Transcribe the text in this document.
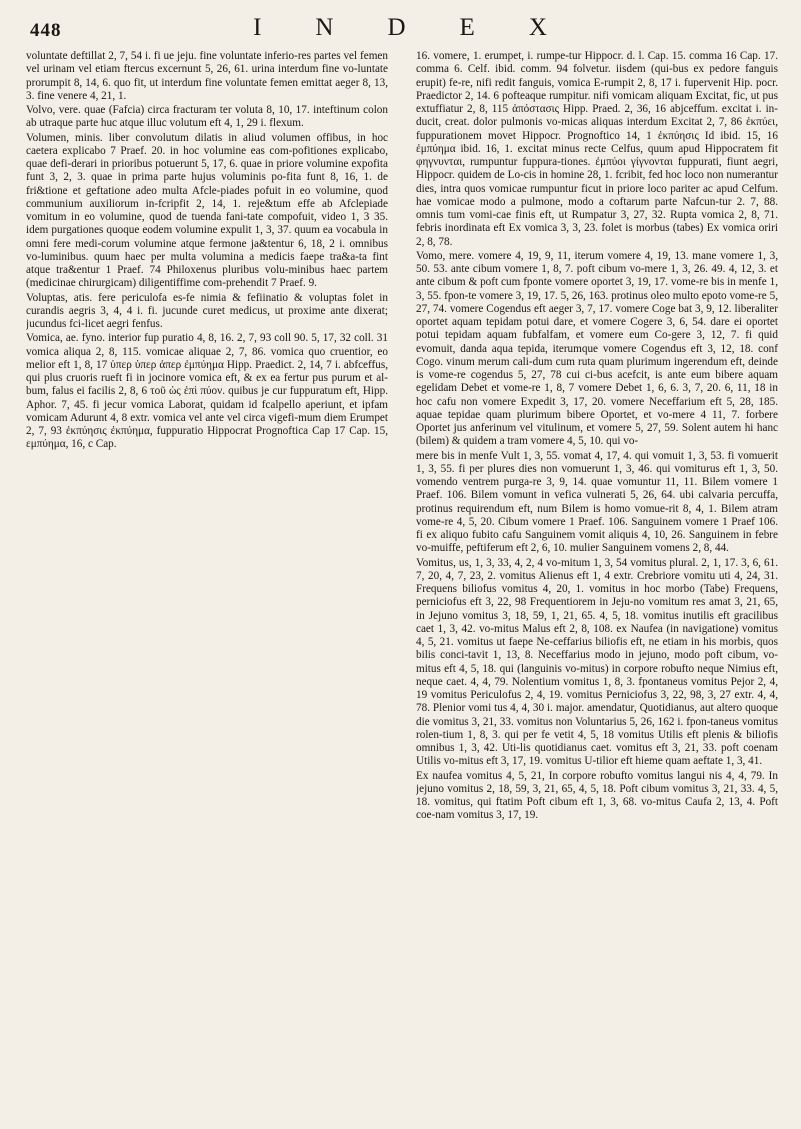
448	INDEX

voluntate deftillat 2, 7, 54 i. fi ue jeju. fine voluntate inferio-res partes vel femen vel urinam vel etiam ftercus excernunt 5, 26, 61. urina interdum fine vo-luntate prorumpit 8, 14, 6. quo fit, ut interdum fine voluntate femen emittat aeger 8, 13, 3. fine venere 4, 21, 1.

Volvo, vere. quae (Fafcia) circa fracturam ter voluta 8, 10, 17. inteftinum colon ab utraque parte huc atque illuc volutum eft 4, 1, 29 i. flexum.

Volumen, minis. liber convolutum dilatis in aliud volumen offibus, in hoc caetera explicabo 7 Praef. 20. in hoc volumine eas com-pofitiones explicabo, quae defi-derari in prioribus potuerunt 5, 17, 6. quae in priore volumine expofita funt 3, 2, 3. quae in prima parte hujus voluminis po-fita funt 8, 16, 1. de fri&tione et geftatione adeo multa Afcle-piades pofuit in eo volumine, quod communium auxiliorum in-fcripfit 2, 14, 1. reje&tum effe ab Afclepiade vomitum in eo volumine, quod de tuenda fani-tate compofuit, video 1, 3 35. idem purgationes quoque eodem volumine expulit 1, 3, 37. quum ea vocabula in omni fere medi-corum volumine atque fermone ja&tentur 6, 18, 2 i. omnibus vo-luminibus. quum haec per multa volumina a medicis faepe tra&a-ta fint atque tra&entur 1 Praef. 74 Philoxenus pluribus volu-minibus haec partem (medicinae chirurgicam) diligentiffime com-prehendit 7 Praef. 9.

Voluptas, atis. fere periculofa es-fe nimia & fefiinatio & voluptas folet in curandis aegris 3, 4, 4 i. fi. jucunde curet medicus, ut proxime ante dixerat; jucundus fci-licet aegri fenfus.

Vomica, ae. fyno. interior fup puratio 4, 8, 16. 2, 7, 93 coll 90. 5, 17, 32 coll. 31 vomica aliqua 2, 8, 115. vomicae aliquae 2, 7, 86. vomica quo cruentior, eo melior eft 1, 8, 17 ὑπερ ὑπερ ἀπερ ἐμπύημα Hipp. Praedict. 2, 14, 7 i. abfceffus, qui plus cruoris rueft fi in jocinore vomica eft, & ex ea fertur pus purum et al-bum, falus ei facilis 2, 8, 6 τοῦ ὡς ἐπὶ πύον. quibus je cur fuppuratum eft, Hipp. Aphor. 7, 45. fi jecur vomica Laborat, quidam id fcalpello aperiunt, et ipfam vomicam Adurunt 4, 8 extr. vomica vel ante vel circa vigefi-mum diem Erumpet 2, 7, 93 ἐκπύησις ἐκπύημα, fuppuratio Hippocrat Prognoftica Cap 17 Cap. 15, εμπύημα, 16, c Cap.

16. vomere, 1. erumpet, i. rumpe-tur Hippocr. d. l. Cap. 15. comma 16 Cap. 17. comma 6. Celf. ibid. comm. 94 folvetur. iisdem (qui-bus ex pedore fanguis erupit) fe-re, nifi redit fanguis, vomica E-rumpit 2, 8, 17 i. fupervenit Hip. pocr. Praedictor 2, 14. 6 pofteaque rumpitur. nifi vomicam aliquam Excitat, fic, ut pus extuffiatur 2, 8, 115 ἀπόστασις Hipp. Praed. 2, 36, 16 abjceffum. excitat i. in-ducit, creat. dolor pulmonis vo-micas aliquas interdum Excitat 2, 7, 86 ἐκπύει, fuppurationem movet Hippocr. Prognoftico 14, 1 ἐκπύησις Id ibid. 15, 16 ἐμπύημα ibid. 16, 1. excitat minus recte Celfus, quum apud Hippocratem fit φηγνυνται, rumpuntur fuppura-tiones. ἐμπύοι γίγνονται fuppurati, fiunt aegri, Hippocr. quidem de Lo-cis in homine 28, 1. fcribit, fed hoc loco non numerantur dies, intra quos vomicae rumpuntur ficut in priore loco pariter ac apud Celfum. hae vomicae modo a pulmone, modo a coftarum parte Nafcun-tur 2. 7, 88. omnis tum vomi-cae finis eft, ut Rumpatur 3, 27, 32. Rupta vomica 2, 8, 71. febris inordinata eft Ex vomica 3, 3, 23. folet is morbus (tabes) Ex vomica oriri 2, 8, 78.

Vomo, mere. vomere 4, 19, 9, 11, iterum vomere 4, 19, 13. mane vomere 1, 3, 50. 53. ante cibum vomere 1, 8, 7. poft cibum vo-mere 1, 3, 26. 49. 4, 12, 3. et ante cibum & poft cum fponte vomere oportet 3, 19, 17. vome-re bis in menfe 1, 3, 55. fpon-te vomere 3, 19, 17. 5, 26, 163. protinus oleo multo epoto vome-re 5, 27, 74. vomere Cogendus eft aeger 3, 7, 17. vomere Coge bat 3, 9, 12. liberaliter oportet aquam tepidam potui dare, et vomere Cogere 3, 6, 54. dare ei oportet potui tepidam aquam fubfalfam, et vomere eum Co-gere 3, 12, 7. fi quid evomuit, danda aqua tepida, iterumque vomere Cogendus eft 3, 12, 18. conf Cogo. vinum merum cali-dum cum ruta quam plurimum ingerendum eft, deinde is vome-re cogendus 5, 27, 78 cui ci-bus acefcit, is ante eum bibere aquam egelidam Debet et vome-re 1, 8, 7 vomere Debet 1, 6, 6. 3, 7, 20. 6, 11, 18 in hoc cafu non vomere Expedit 3, 17, 20. vomere Neceffarium eft 5, 28, 185. aquae tepidae quam plurimum bibere Oportet, et vo-mere 4 11, 7. forbere Oportet jus anferinum vel vitulinum, et vomere 5, 27, 59. Solent autem hi hanc (bilem) & quidem a tram vomere 4, 5, 10. qui vo-

mere bis in menfe Vult 1, 3, 55. vomat 4, 17, 4. qui vomuit 1, 3, 53. fi vomuerit 1, 3, 55. fi per plures dies non vomuerunt 1, 3, 46. qui vomiturus eft 1, 3, 50. vomendo ventrem purga-re 3, 9, 14. quae vomuntur 11, 11. Bilem vomere 1 Praef. 106. Bilem vomunt in vefica vulnerati 5, 26, 64. ubi calvaria percuffa, protinus requirendum eft, num Bilem is homo vomue-rit 8, 4, 1. Bilem atram vome-re 4, 5, 20. Cibum vomere 1 Praef. 106. Sanguinem vomere 1 Praef 106. fi ex aliquo fubito cafu Sanguinem vomit aliquis 4, 10, 26. Sanguinem in febre vo-muiffe, peftiferum eft 2, 6, 10. mulier Sanguinem vomens 2, 8, 44.

Vomitus, us, 1, 3, 33, 4, 2, 4 vo-mitum 1, 3, 54 vomitus plural. 2, 1, 17. 3, 6, 61. 7, 20, 4, 7, 23, 2. vomitus Alienus eft 1, 4 extr. Crebriore vomitu uti 4, 24, 31. Frequens biliofus vomitus 4, 20, 1. vomitus in hoc morbo (Tabe) Frequens, perniciofus eft 3, 22, 98 Frequentiorem in Jeju-no vomitum res amat 3, 21, 65, in Jejuno vomitus 3, 18, 59, 1, 21, 65. 4, 5, 18. vomitus inutilis eft gracilibus caet 1, 3, 42. vo-mitus Malus eft 2, 8, 108. ex Naufea (in navigatione) vomitus 4, 5, 21. vomitus ut faepe Ne-ceffarius biliofis eft, ne etiam in his morbis, quos bilis conci-tavit 1, 13, 8. Neceffarius modo in jejuno, modo poft cibum, vo-mitus eft 4, 5, 18. qui (languinis vo-mitus) in corpore robufto neque Nimius eft, neque caet. 4, 4, 79. Nolentium vomitus 1, 8, 3. fpontaneus vomitus Pejor 2, 4, 19 vomitus Periculofus 2, 4, 19. vomitus Perniciofus 3, 22, 98, 3, 27 extr. 4, 4, 78. Plenior vomi tus 4, 4, 30 i. major. amendatur, Quotidianus, aut altero quoque die vomitus 3, 21, 33. vomitus non Voluntarius 5, 26, 162 i. fpon-taneus vomitus rolen-tium 1, 8, 3. qui per fe vetit 4, 5, 18 vomitus Utilis eft plenis & biliofis omnibus 1, 3, 42. Uti-lis quotidianus caet. vomitus eft 3, 21, 33. poft coenam Utilis vo-mitus eft 3, 17, 19. vomitus U-tilior eft hieme quam aeftate 1, 3, 41.

Ex naufea vomitus 4, 5, 21, In corpore robufto vomitus langui nis 4, 4, 79. In jejuno vomitus 2, 18, 59, 3, 21, 65, 4, 5, 18. Poft cibum vomitus 3, 21, 33. 4, 5, 18. vomitus, qui ftatim Poft cibum eft 1, 3, 68. vo-mitus Caufa 2, 13, 4. Poft coe-nam vomitus 3, 17, 19.
